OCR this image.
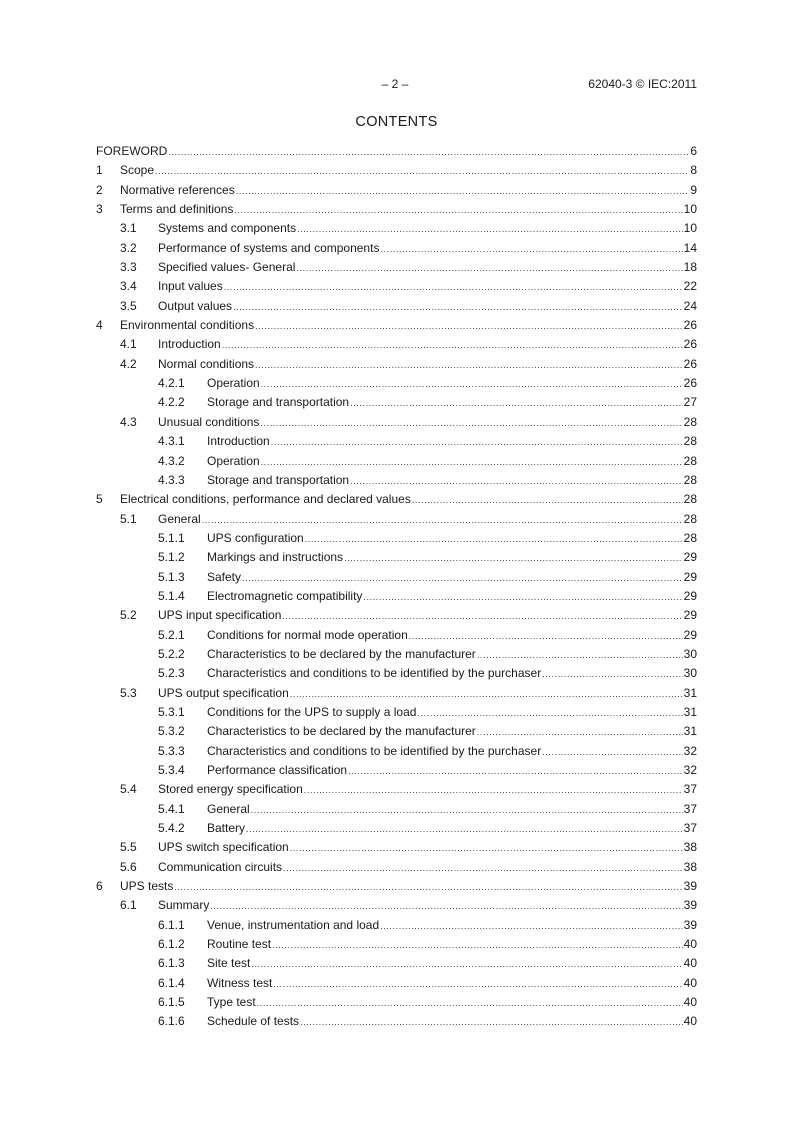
– 2 –	62040-3 © IEC:2011
CONTENTS
FOREWORD .....	6
1	Scope .....	8
2	Normative references .....	9
3	Terms and definitions .....	10
3.1	Systems and components .....	10
3.2	Performance of systems and components .....	14
3.3	Specified values- General .....	18
3.4	Input values .....	22
3.5	Output values .....	24
4	Environmental conditions .....	26
4.1	Introduction .....	26
4.2	Normal conditions .....	26
4.2.1	Operation .....	26
4.2.2	Storage and transportation .....	27
4.3	Unusual conditions .....	28
4.3.1	Introduction .....	28
4.3.2	Operation .....	28
4.3.3	Storage and transportation .....	28
5	Electrical conditions, performance and declared values .....	28
5.1	General .....	28
5.1.1	UPS configuration .....	28
5.1.2	Markings and instructions .....	29
5.1.3	Safety .....	29
5.1.4	Electromagnetic compatibility .....	29
5.2	UPS input specification .....	29
5.2.1	Conditions for normal mode operation .....	29
5.2.2	Characteristics to be declared by the manufacturer .....	30
5.2.3	Characteristics and conditions to be identified by the purchaser .....	30
5.3	UPS output specification .....	31
5.3.1	Conditions for the UPS to supply a load .....	31
5.3.2	Characteristics to be declared by the manufacturer .....	31
5.3.3	Characteristics and conditions to be identified by the purchaser .....	32
5.3.4	Performance classification .....	32
5.4	Stored energy specification .....	37
5.4.1	General .....	37
5.4.2	Battery .....	37
5.5	UPS switch specification .....	38
5.6	Communication circuits .....	38
6	UPS tests .....	39
6.1	Summary .....	39
6.1.1	Venue, instrumentation and load .....	39
6.1.2	Routine test .....	40
6.1.3	Site test .....	40
6.1.4	Witness test .....	40
6.1.5	Type test .....	40
6.1.6	Schedule of tests .....	40
